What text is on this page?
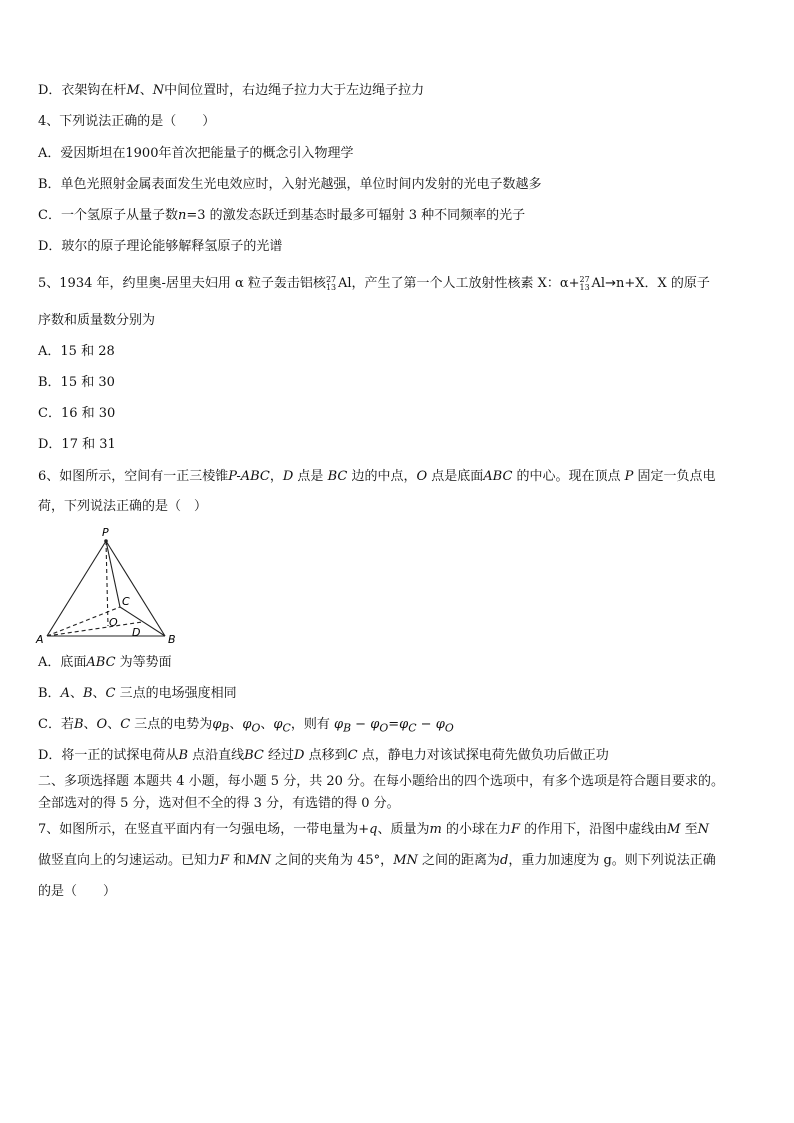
D．衣架钩在杆M、N中间位置时，右边绳子拉力大于左边绳子拉力
4、下列说法正确的是（　　）
A．爱因斯坦在1900年首次把能量子的概念引入物理学
B．单色光照射金属表面发生光电效应时，入射光越强，单位时间内发射的光电子数越多
C．一个氢原子从量子数n=3 的激发态跃迁到基态时最多可辐射 3 种不同频率的光子
D．玻尔的原子理论能够解释氢原子的光谱
5、1934 年，约里奥-居里夫妇用 α 粒子轰击铝核 27
13 Al，产生了第一个人工放射性核素 X：α+ 27
13 Al→n+X．X 的原子
序数和质量数分别为
A．15 和 28
B．15 和 30
C．16 和 30
D．17 和 31
6、如图所示，空间有一正三棱锥P-ABC，D 点是 BC 边的中点，O 点是底面ABC 的中心。现在顶点 P 固定一负点电
荷，下列说法正确的是（　）
P
A	B
C
O
D
A．底面ABC 为等势面
B．A、B、C 三点的电场强度相同
C．若B、O、C 三点的电势为$\varphi_B$、$\varphi_O$、$\varphi_C$，则有 $\varphi_B - \varphi_O=\varphi_C - \varphi_O$
D．将一正的试探电荷从B 点沿直线BC 经过D 点移到C 点，静电力对该试探电荷先做负功后做正功
二、多项选择题 本题共 4 小题，每小题 5 分，共 20 分。在每小题给出的四个选项中，有多个选项是符合题目要求的。
全部选对的得 5 分，选对但不全的得 3 分，有选错的得 0 分。
7、如图所示，在竖直平面内有一匀强电场，一带电量为+q、质量为m 的小球在力F 的作用下，沿图中虚线由M 至N
做竖直向上的匀速运动。已知力F 和MN 之间的夹角为 45°，MN 之间的距离为d，重力加速度为 g。则下列说法正确
的是（　　）
